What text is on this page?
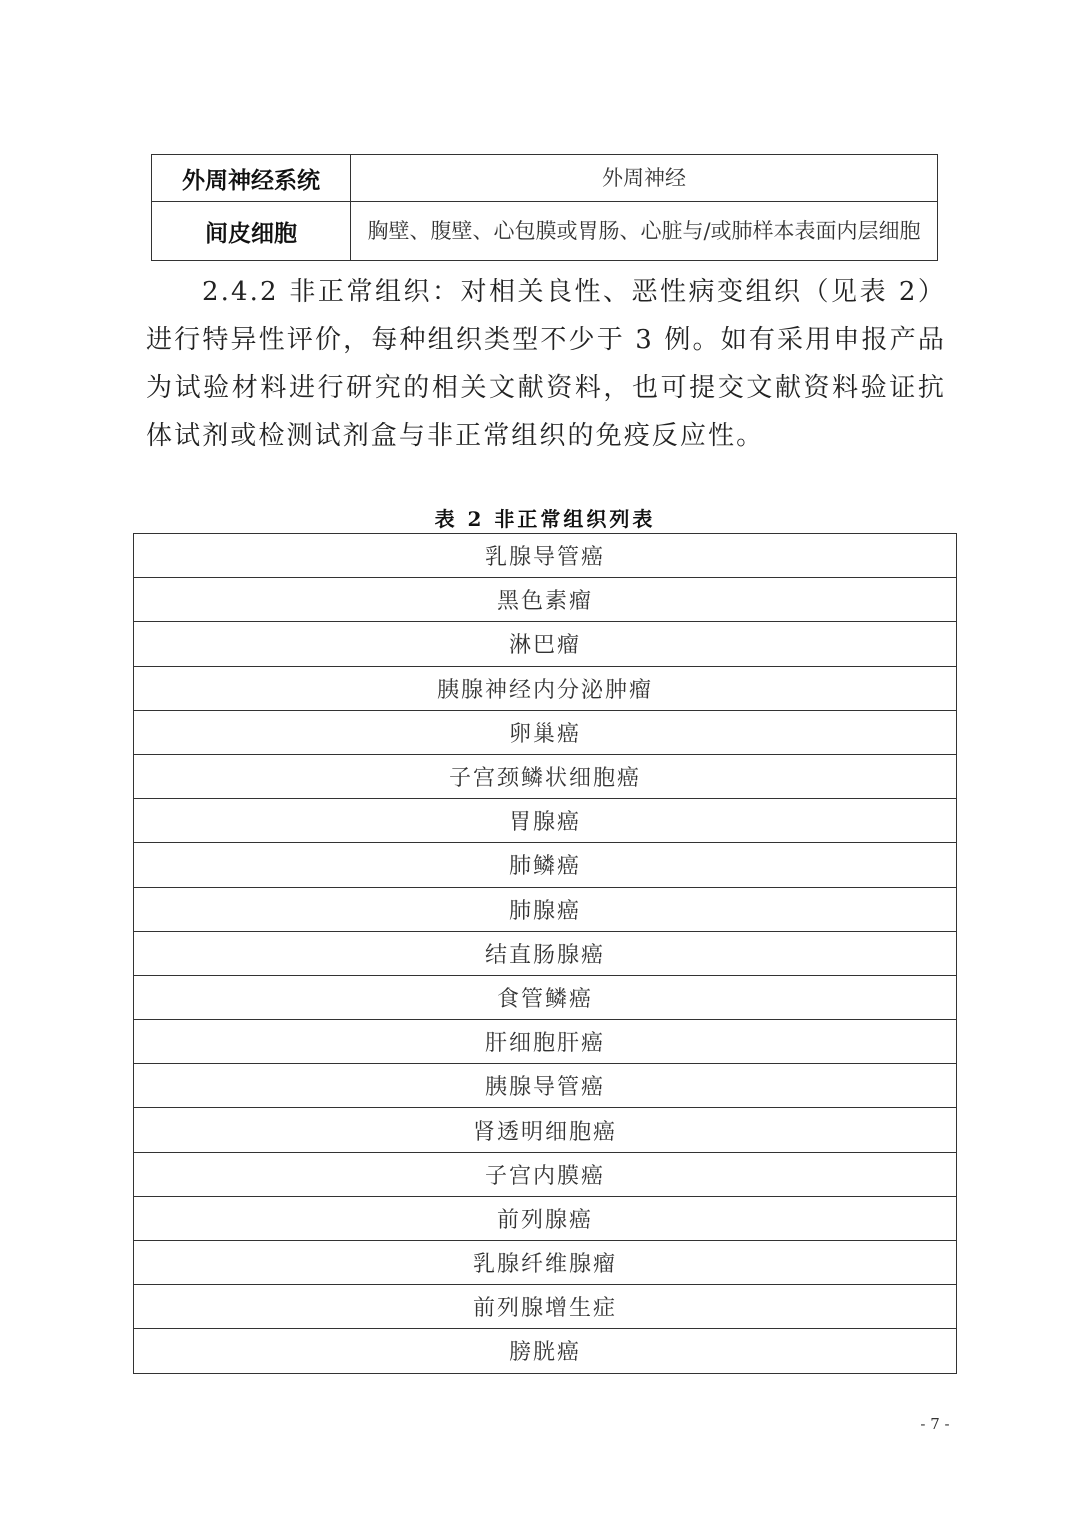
外周神经系统	外周神经
间皮细胞	胸壁、腹壁、心包膜或胃肠、心脏与/或肺样本表面内层细胞

2.4.2 非正常组织：对相关良性、恶性病变组织（见表 2）进行特异性评价，每种组织类型不少于 3 例。如有采用申报产品为试验材料进行研究的相关文献资料，也可提交文献资料验证抗体试剂或检测试剂盒与非正常组织的免疫反应性。

表 2 非正常组织列表
乳腺导管癌
黑色素瘤
淋巴瘤
胰腺神经内分泌肿瘤
卵巢癌
子宫颈鳞状细胞癌
胃腺癌
肺鳞癌
肺腺癌
结直肠腺癌
食管鳞癌
肝细胞肝癌
胰腺导管癌
肾透明细胞癌
子宫内膜癌
前列腺癌
乳腺纤维腺瘤
前列腺增生症
膀胱癌
- 7 -
